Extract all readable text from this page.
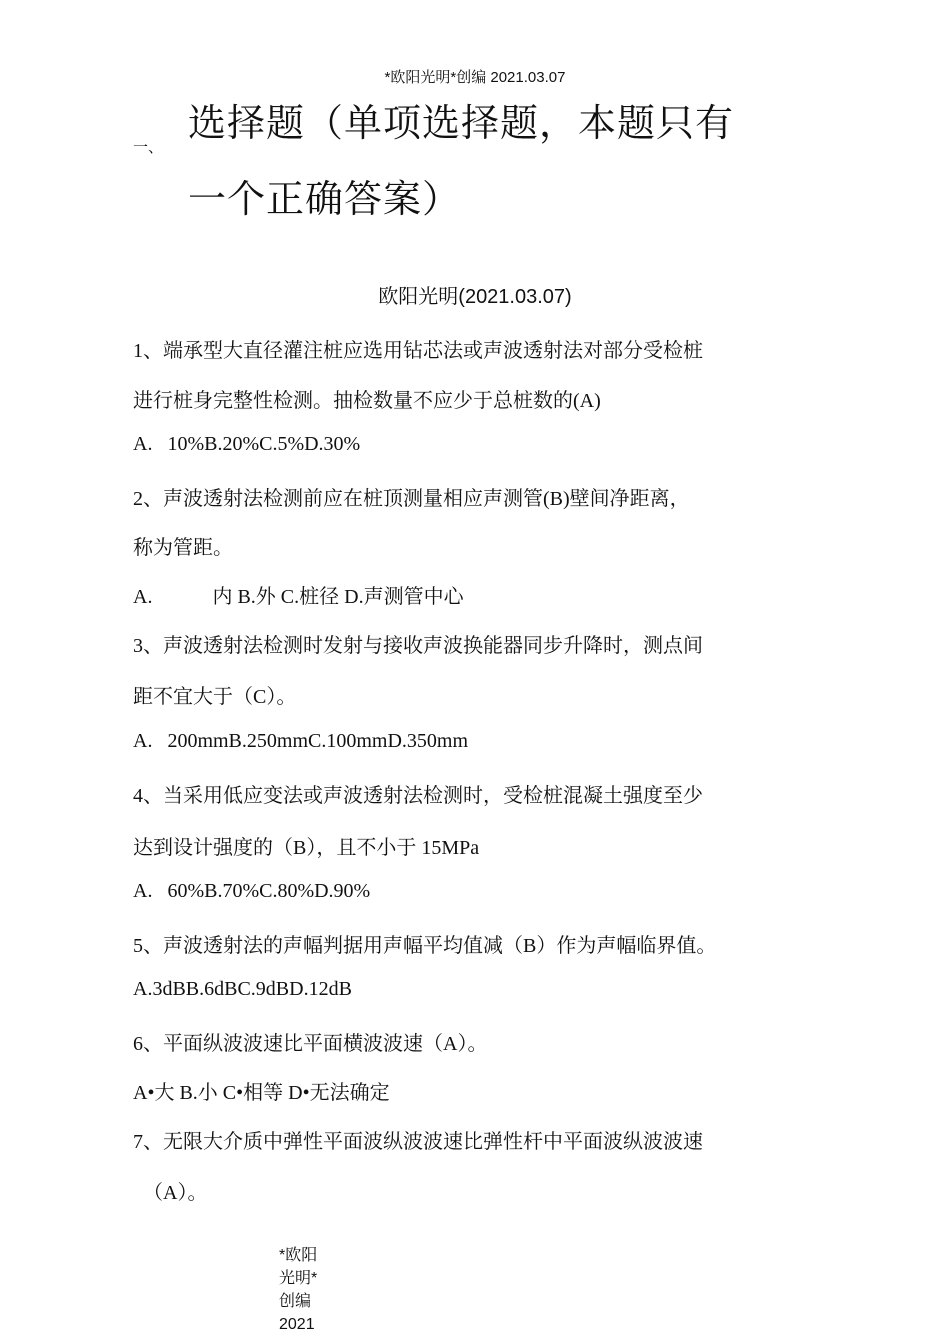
*欧阳光明*创编 2021.03.07
一、
选择题（单项选择题，本题只有
一个正确答案）
欧阳光明(2021.03.07)
1、端承型大直径灌注桩应选用钻芯法或声波透射法对部分受检桩
进行桩身完整性检测。抽检数量不应少于总桩数的(A)
A.   10%B.20%C.5%D.30%
2、声波透射法检测前应在桩顶测量相应声测管(B)壁间净距离，
称为管距。
A.            内 B.外 C.桩径 D.声测管中心
3、声波透射法检测时发射与接收声波换能器同步升降时，测点间
距不宜大于（C）。
A.   200mmB.250mmC.100mmD.350mm
4、当采用低应变法或声波透射法检测时，受检桩混凝土强度至少
达到设计强度的（B），且不小于 15MPa
A.   60%B.70%C.80%D.90%
5、声波透射法的声幅判据用声幅平均值减（B）作为声幅临界值。
A.3dBB.6dBC.9dBD.12dB
6、平面纵波波速比平面横波波速（A）。
A•大 B.小 C•相等 D•无法确定
7、无限大介质中弹性平面波纵波波速比弹性杆中平面波纵波波速
（A）。
*欧阳光明*创编 2021
